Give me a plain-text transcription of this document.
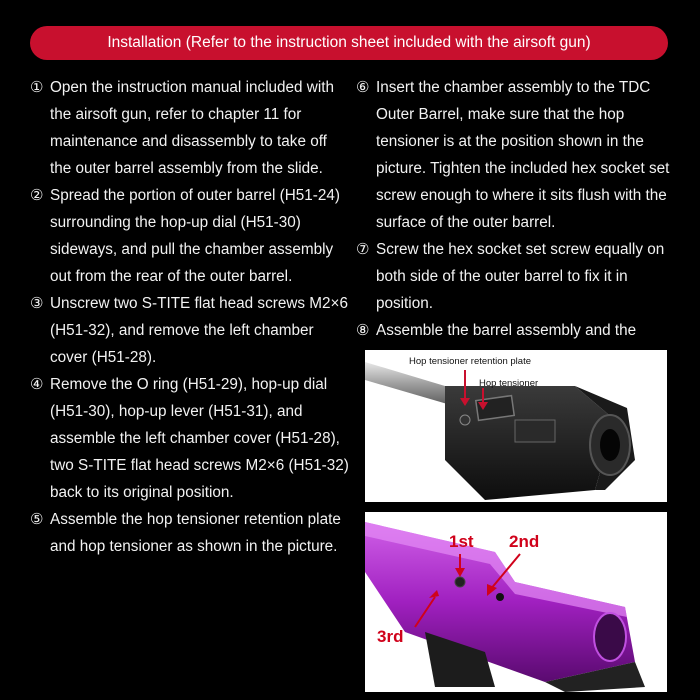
Installation (Refer to the instruction sheet included with the airsoft gun)
① Open the instruction manual included with the airsoft gun, refer to chapter 11 for maintenance and disassembly to take off the outer barrel assembly from the slide.
② Spread the portion of outer barrel (H51-24) surrounding the hop-up dial (H51-30) sideways, and pull the chamber assembly out from the rear of the outer barrel.
③ Unscrew two S-TITE flat head screws M2×6 (H51-32), and remove the left chamber cover (H51-28).
④ Remove the O ring (H51-29), hop-up dial (H51-30), hop-up lever (H51-31), and assemble the left chamber cover (H51-28), two S-TITE flat head screws M2×6 (H51-32) back to its original position.
⑤ Assemble the hop tensioner retention plate and hop tensioner as shown in the picture.
⑥ Insert the chamber assembly to the TDC Outer Barrel, make sure that the hop tensioner is at the position shown in the picture. Tighten the included hex socket set screw enough to where it sits flush with the surface of the outer barrel.
⑦ Screw the hex socket set screw equally on both side of the outer barrel to fix it in position.
⑧ Assemble the barrel assembly and the
Hop tensioner retention plate
Hop tensioner
1st 2nd
3rd
